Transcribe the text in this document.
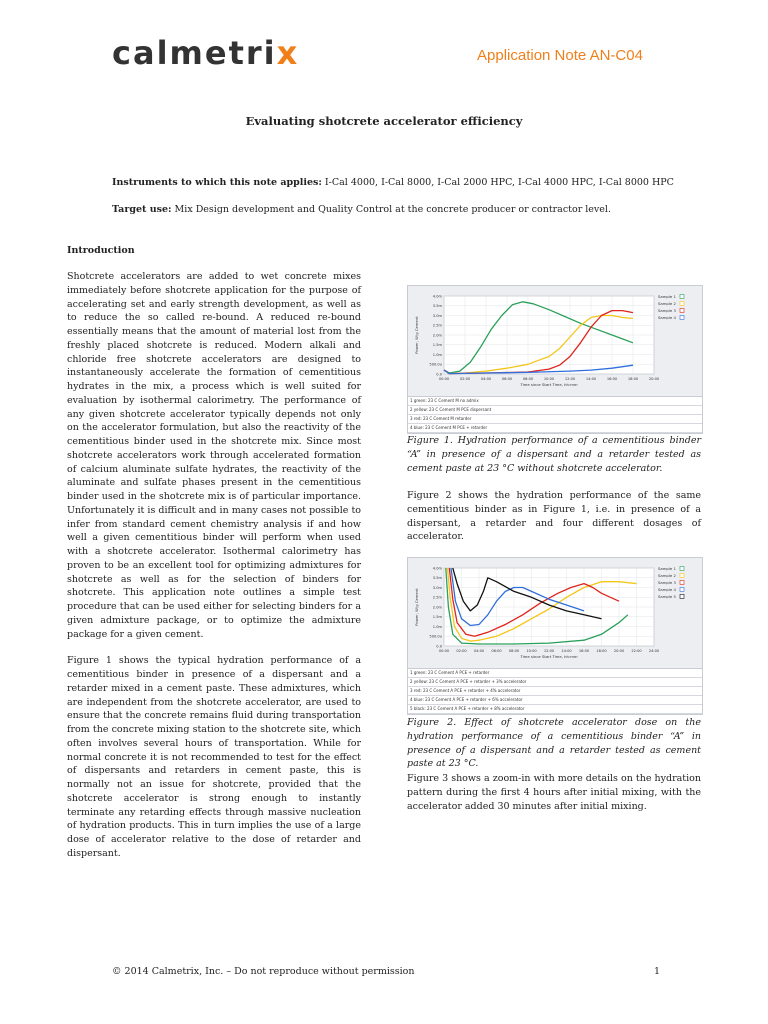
calmetrix	Application Note AN-C04
Evaluating shotcrete accelerator efficiency
Instruments to which this note applies: I-Cal 4000, I-Cal 8000, I-Cal 2000 HPC, I-Cal 4000 HPC, I-Cal 8000 HPC
Target use: Mix Design development and Quality Control at the concrete producer or contractor level.
Introduction

Shotcrete accelerators are added to wet concrete mixes immediately before shotcrete application for the purpose of accelerating set and early strength development, as well as to reduce the so called re-bound. A reduced re-bound essentially means that the amount of material lost from the freshly placed shotcrete is reduced. Modern alkali and chloride free shotcrete accelerators are designed to instantaneously accelerate the formation of cementitious hydrates in the mix, a process which is well suited for evaluation by isothermal calorimetry. The performance of any given shotcrete accelerator typically depends not only on the accelerator formulation, but also the reactivity of the cementitious binder used in the shotcrete mix. Since most shotcrete accelerators work through accelerated formation of calcium aluminate sulfate hydrates, the reactivity of the aluminate and sulfate phases present in the cementitious binder used in the shotcrete mix is of particular importance. Unfortunately it is difficult and in many cases not possible to infer from standard cement chemistry analysis if and how well a given cementitious binder will perform when used with a shotcrete accelerator. Isothermal calorimetry has proven to be an excellent tool for optimizing admixtures for shotcrete as well as for the selection of binders for shotcrete. This application note outlines a simple test procedure that can be used either for selecting binders for a given admixture package, or to optimize the admixture package for a given cement.

Figure 1 shows the typical hydration performance of a cementitious binder in presence of a dispersant and a retarder mixed in a cement paste. These admixtures, which are independent from the shotcrete accelerator, are used to ensure that the concrete remains fluid during transportation from the concrete mixing station to the shotcrete site, which often involves several hours of transportation. While for normal concrete it is not recommended to test for the effect of dispersants and retarders in cement paste, this is normally not an issue for shotcrete, provided that the shotcrete accelerator is strong enough to instantly terminate any retarding effects through massive nucleation of hydration products. This in turn implies the use of a large dose of accelerator relative to the dose of retarder and dispersant.

00:00	02:00	04:00	06:00	08:00	10:00	12:00	14:00	16:00	18:00	20:00
0.0
500.0u
1.0m
1.5m
2.0m
2.5m
3.0m
3.5m
4.0m
Time since Start Time, hh:mm
Power, W/g Cement
Sample 1
Sample 2
Sample 3
Sample 4
1 green: 23 C Cement M no admix
2 yellow: 23 C Cement M PCE dispersant
3 red: 23 C Cement M retarder
4 blue: 23 C Cement M PCE + retarder
Figure 1. Hydration performance of a cementitious binder “A” in presence of a dispersant and a retarder tested as cement paste at 23 °C without shotcrete accelerator.
Figure 2 shows the hydration performance of the same cementitious binder as in Figure 1, i.e. in presence of a dispersant, a retarder and four different dosages of accelerator.
00:00 02:00 04:00 06:00 08:00 10:00 12:00 14:00 16:00 18:00 20:00 22:00 24:00
0.0
500.0u
1.0m
1.5m
2.0m
2.5m
3.0m
3.5m
4.0m
Time since Start Time, hh:mm
Power, W/g Cement
Sample 1
Sample 2
Sample 3
Sample 4
Sample 5
1 green: 23 C Cement A PCE + retarder
2 yellow: 23 C Cement A PCE + retarder + 3% accelerator
3 red: 23 C Cement A PCE + retarder + 4% accelerator
4 blue: 23 C Cement A PCE + retarder + 6% accelerator
5 black: 23 C Cement A PCE + retarder + 8% accelerator
Figure 2. Effect of shotcrete accelerator dose on the hydration performance of a cementitious binder “A” in presence of a dispersant and a retarder tested as cement paste at 23 °C.
Figure 3 shows a zoom-in with more details on the hydration pattern during the first 4 hours after initial mixing, with the accelerator added 30 minutes after initial mixing.
© 2014 Calmetrix, Inc. – Do not reproduce without permission	1
